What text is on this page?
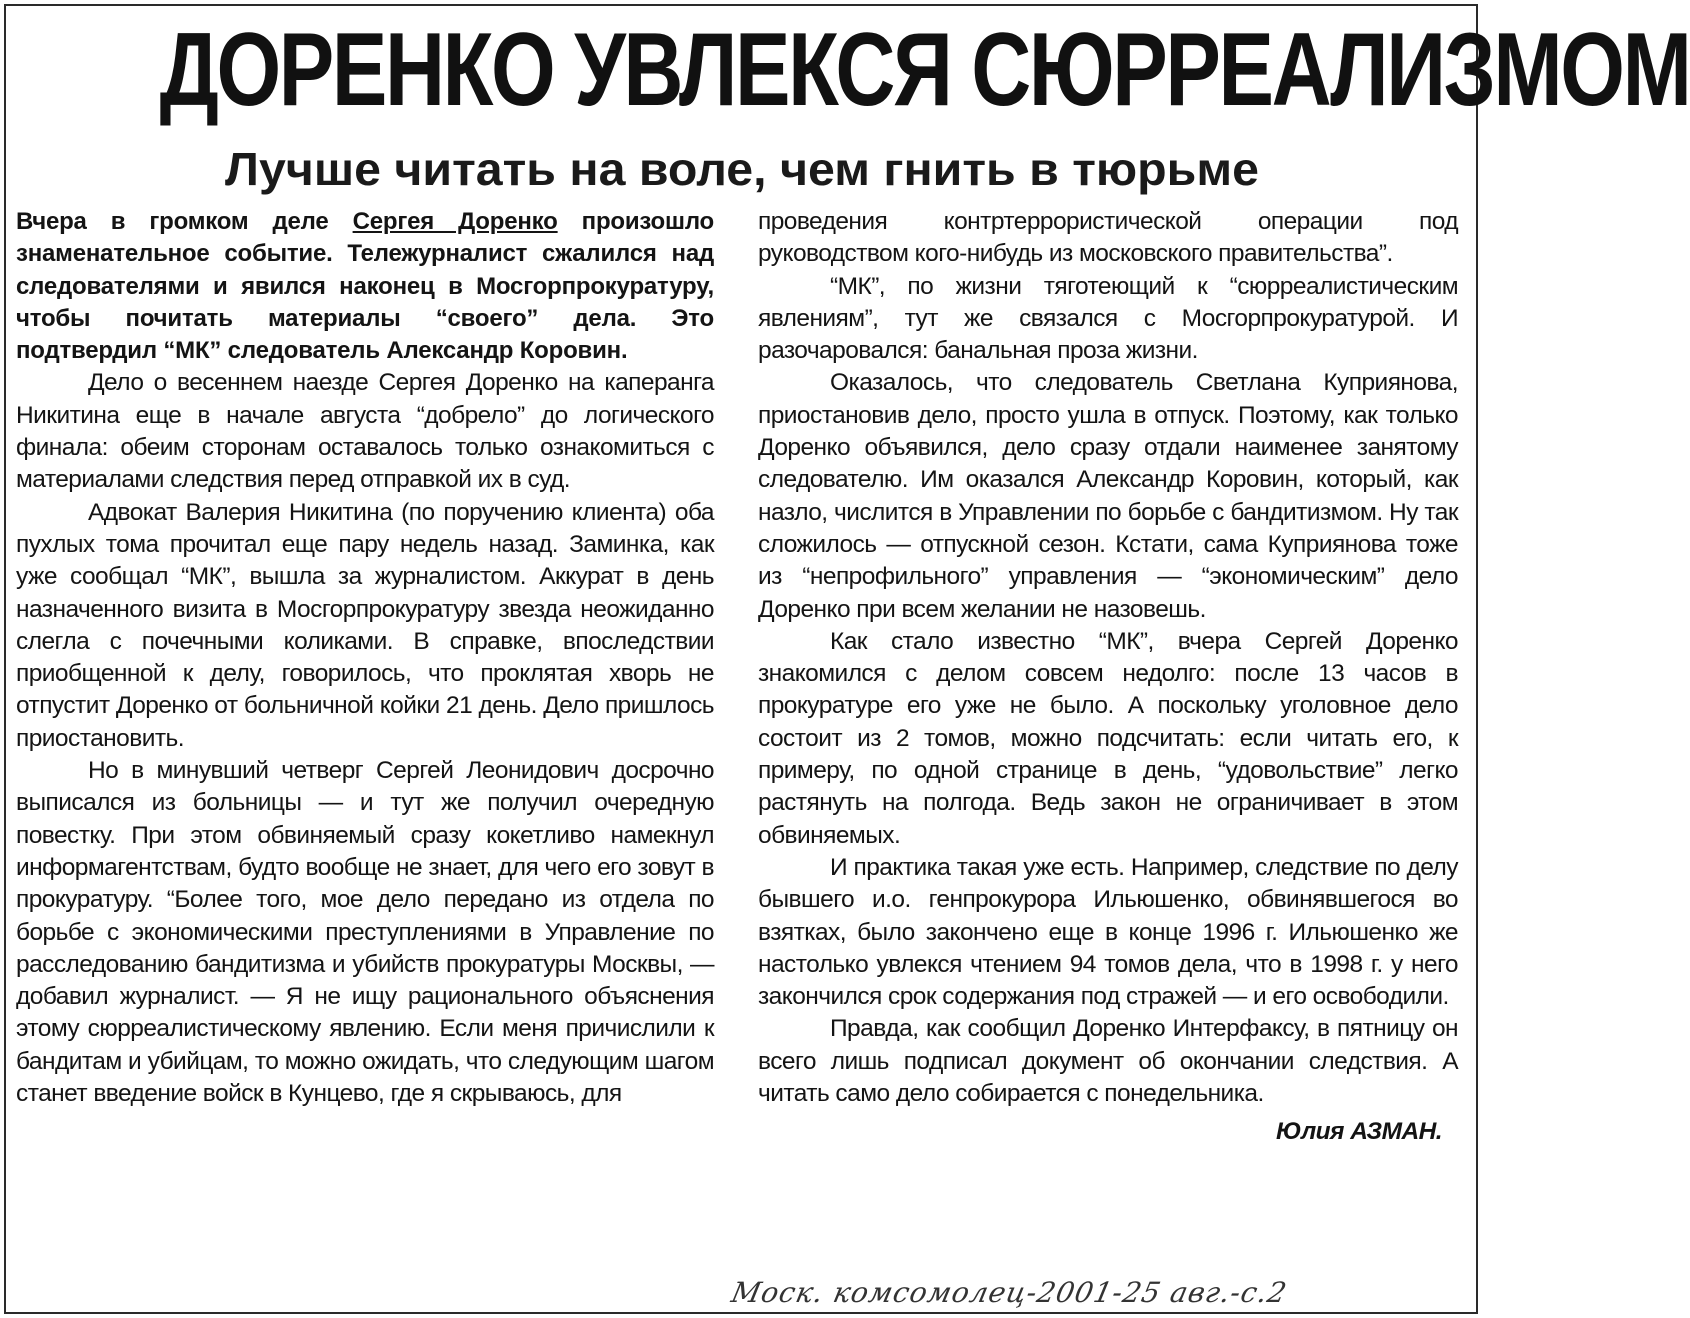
ДОРЕНКО УВЛЕКСЯ СЮРРЕАЛИЗМОМ
Лучше читать на воле, чем гнить в тюрьме

Вчера в громком деле Сергея Доренко произошло знаменательное событие. Тележурналист сжалился над следователями и явился наконец в Мосгорпрокуратуру, чтобы почитать материалы “своего” дела. Это подтвердил “МК” следователь Александр Коровин.

Дело о весеннем наезде Сергея Доренко на каперанга Никитина еще в начале августа “добрело” до логического финала: обеим сторонам оставалось только ознакомиться с материалами следствия перед отправкой их в суд.

Адвокат Валерия Никитина (по поручению клиента) оба пухлых тома прочитал еще пару недель назад. Заминка, как уже сообщал “МК”, вышла за журналистом. Аккурат в день назначенного визита в Мосгорпрокуратуру звезда неожиданно слегла с почечными коликами. В справке, впоследствии приобщенной к делу, говорилось, что проклятая хворь не отпустит Доренко от больничной койки 21 день. Дело пришлось приостановить.

Но в минувший четверг Сергей Леонидович досрочно выписался из больницы — и тут же получил очередную повестку. При этом обвиняемый сразу кокетливо намекнул информагентствам, будто вообще не знает, для чего его зовут в прокуратуру. “Более того, мое дело передано из отдела по борьбе с экономическими преступлениями в Управление по расследованию бандитизма и убийств прокуратуры Москвы, — добавил журналист. — Я не ищу рационального объяснения этому сюрреалистическому явлению. Если меня причислили к бандитам и убийцам, то можно ожидать, что следующим шагом станет введение войск в Кунцево, где я скрываюсь, для

проведения контртеррористической операции под руководством кого-нибудь из московского правительства”.

“МК”, по жизни тяготеющий к “сюрреалистическим явлениям”, тут же связался с Мосгорпрокуратурой. И разочаровался: банальная проза жизни.

Оказалось, что следователь Светлана Куприянова, приостановив дело, просто ушла в отпуск. Поэтому, как только Доренко объявился, дело сразу отдали наименее занятому следователю. Им оказался Александр Коровин, который, как назло, числится в Управлении по борьбе с бандитизмом. Ну так сложилось — отпускной сезон. Кстати, сама Куприянова тоже из “непрофильного” управления — “экономическим” дело Доренко при всем желании не назовешь.

Как стало известно “МК”, вчера Сергей Доренко знакомился с делом совсем недолго: после 13 часов в прокуратуре его уже не было. А поскольку уголовное дело состоит из 2 томов, можно подсчитать: если читать его, к примеру, по одной странице в день, “удовольствие” легко растянуть на полгода. Ведь закон не ограничивает в этом обвиняемых.

И практика такая уже есть. Например, следствие по делу бывшего и.о. генпрокурора Ильюшенко, обвинявшегося во взятках, было закончено еще в конце 1996 г. Ильюшенко же настолько увлекся чтением 94 томов дела, что в 1998 г. у него закончился срок содержания под стражей — и его освободили.

Правда, как сообщил Доренко Интерфаксу, в пятницу он всего лишь подписал документ об окончании следствия. А читать само дело собирается с понедельника.

Юлия АЗМАН.

Моск. комсомолец-2001-25 авг.-с.2
